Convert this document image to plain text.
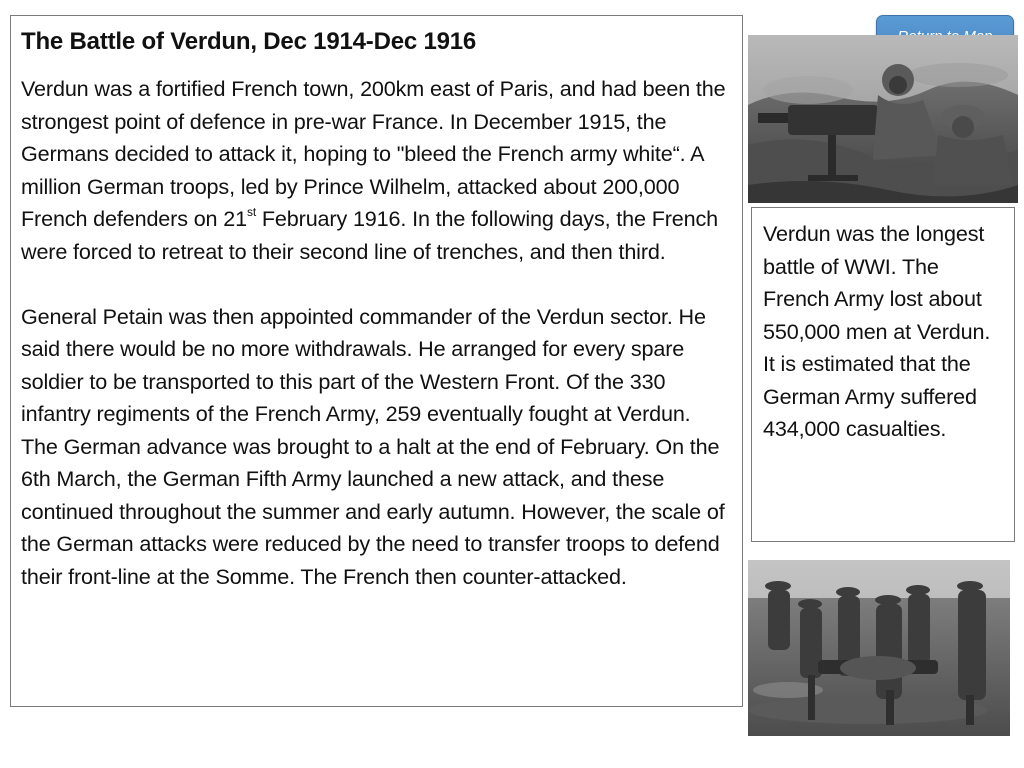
The Battle of Verdun, Dec 1914-Dec 1916

Verdun was a fortified French town, 200km east of Paris, and had been the strongest point of defence in pre-war France. In December 1915, the Germans decided to attack it, hoping to "bleed the French army white“. A million German troops, led by Prince Wilhelm, attacked about 200,000 French defenders on 21st February 1916. In the following days, the French were forced to retreat to their second line of trenches, and then third.

General Petain was then appointed commander of the Verdun sector. He said there would be no more withdrawals. He arranged for every spare soldier to be transported to this part of the Western Front. Of the 330 infantry regiments of the French Army, 259 eventually fought at Verdun.

The German advance was brought to a halt at the end of February. On the 6th March, the German Fifth Army launched a new attack, and these continued throughout the summer and early autumn. However, the scale of the German attacks were reduced by the need to transfer troops to defend their front-line at the Somme. The French then counter-attacked.

Verdun was the longest battle of WWI. The French Army lost about 550,000 men at Verdun. It is estimated that the German Army suffered 434,000 casualties.
